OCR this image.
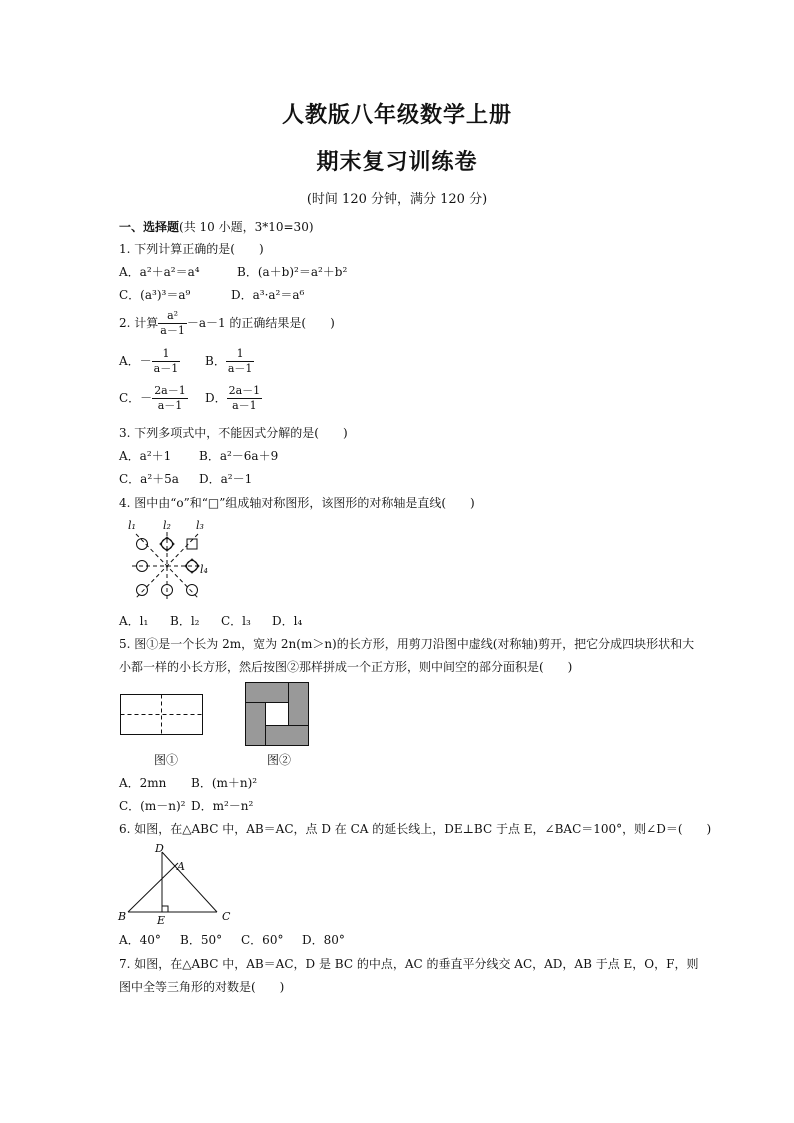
人教版八年级数学上册
期末复习训练卷
(时间 120 分钟，满分 120 分)
一、选择题(共 10 小题，3*10=30)
1. 下列计算正确的是(　　)
A．a²＋a²＝a⁴	B．(a＋b)²＝a²＋b²
C．(a³)³＝a⁹	D．a³·a²＝a⁶
2. 计算 $\frac{\text{a²}}{a-1} -a-1$ 的正确结果是(　　)
A．－ $\frac{1}{a-1}$ B． $\frac{1}{a-1}$
C．－ $\frac{2a-1}{a-1}$ D． $\frac{2a-1}{a-1}$
3. 下列多项式中，不能因式分解的是(　　)
A．a²＋1 B．a²－6a＋9
C．a²＋5a D．a²－1
4. 图中由“ο”和“□”组成轴对称图形，该图形的对称轴是直线(　　)
l₁ l₂ l₃
l₄
A．l₁ B．l₂ C．l₃ D．l₄
5. 图①是一个长为 2m，宽为 2n(m＞n)的长方形，用剪刀沿图中虚线(对称轴)剪开，把它分成四块形状和大
小都一样的小长方形，然后按图②那样拼成一个正方形，则中间空的部分面积是(　　)
图①	图②
A．2mn B．(m＋n)²
C．(m－n)² D．m²－n²
6. 如图，在△ABC 中，AB＝AC，点 D 在 CA 的延长线上，DE⊥BC 于点 E，∠BAC＝100°，则∠D＝(　　)
D
A
B	E	C
A．40° B．50° C．60° D．80°
7. 如图，在△ABC 中，AB＝AC，D 是 BC 的中点，AC 的垂直平分线交 AC，AD，AB 于点 E，O，F，则
图中全等三角形的对数是(　　)
